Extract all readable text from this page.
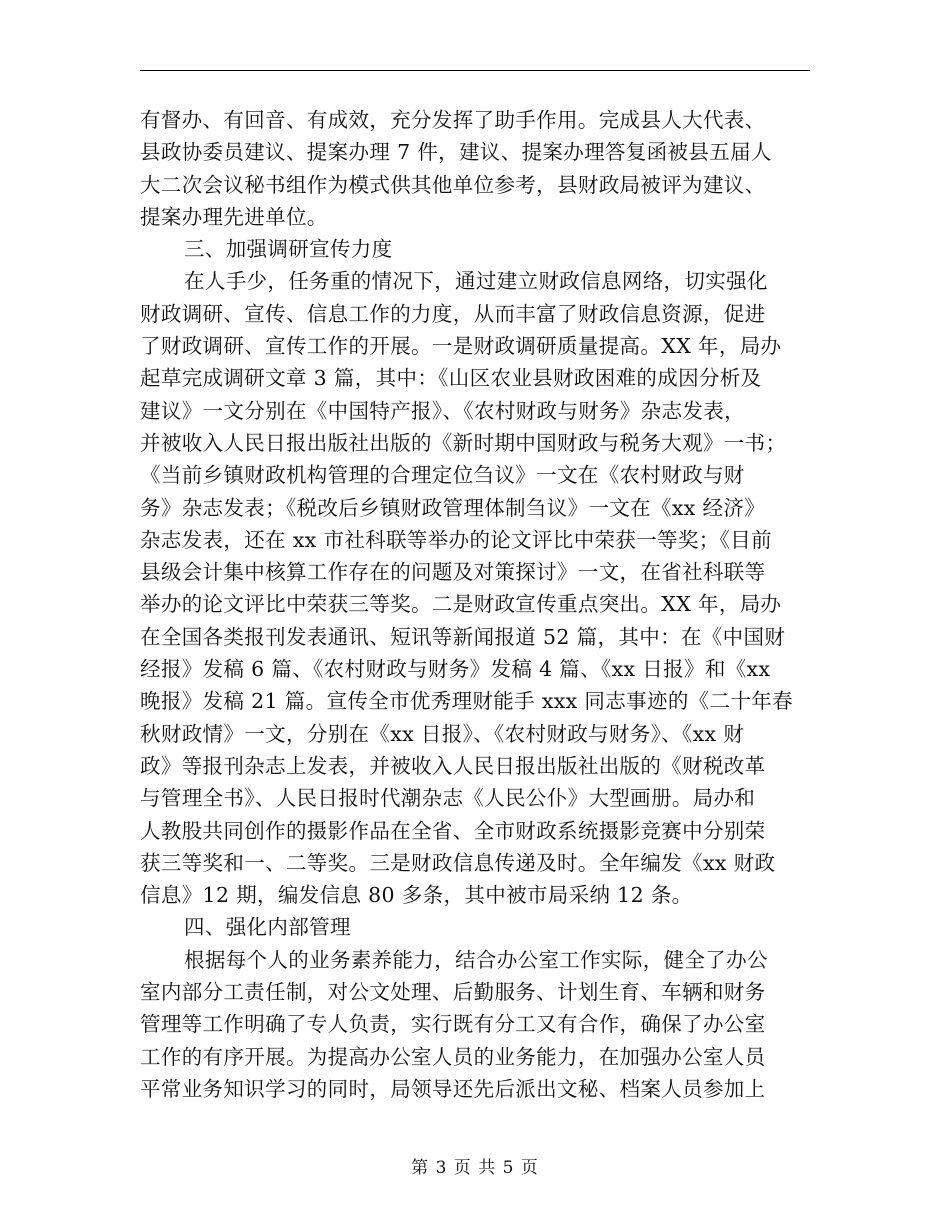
有督办、有回音、有成效，充分发挥了助手作用。完成县人大代表、
县政协委员建议、提案办理 7 件，建议、提案办理答复函被县五届人
大二次会议秘书组作为模式供其他单位参考，县财政局被评为建议、
提案办理先进单位。
三、加强调研宣传力度
在人手少，任务重的情况下，通过建立财政信息网络，切实强化
财政调研、宣传、信息工作的力度，从而丰富了财政信息资源，促进
了财政调研、宣传工作的开展。一是财政调研质量提高。XX 年，局办
起草完成调研文章 3 篇，其中：《山区农业县财政困难的成因分析及
建议》一文分别在《中国特产报》、《农村财政与财务》杂志发表，
并被收入人民日报出版社出版的《新时期中国财政与税务大观》一书；
《当前乡镇财政机构管理的合理定位刍议》一文在《农村财政与财
务》杂志发表；《税改后乡镇财政管理体制刍议》一文在《xx 经济》
杂志发表，还在 xx 市社科联等举办的论文评比中荣获一等奖；《目前
县级会计集中核算工作存在的问题及对策探讨》一文，在省社科联等
举办的论文评比中荣获三等奖。二是财政宣传重点突出。XX 年，局办
在全国各类报刊发表通讯、短讯等新闻报道 52 篇，其中：在《中国财
经报》发稿 6 篇、《农村财政与财务》发稿 4 篇、《xx 日报》和《xx
晚报》发稿 21 篇。宣传全市优秀理财能手 xxx 同志事迹的《二十年春
秋财政情》一文，分别在《xx 日报》、《农村财政与财务》、《xx 财
政》等报刊杂志上发表，并被收入人民日报出版社出版的《财税改革
与管理全书》、人民日报时代潮杂志《人民公仆》大型画册。局办和
人教股共同创作的摄影作品在全省、全市财政系统摄影竞赛中分别荣
获三等奖和一、二等奖。三是财政信息传递及时。全年编发《xx 财政
信息》12 期，编发信息 80 多条，其中被市局采纳 12 条。
四、强化内部管理
根据每个人的业务素养能力，结合办公室工作实际，健全了办公
室内部分工责任制，对公文处理、后勤服务、计划生育、车辆和财务
管理等工作明确了专人负责，实行既有分工又有合作，确保了办公室
工作的有序开展。为提高办公室人员的业务能力，在加强办公室人员
平常业务知识学习的同时，局领导还先后派出文秘、档案人员参加上
第 3 页 共 5 页
